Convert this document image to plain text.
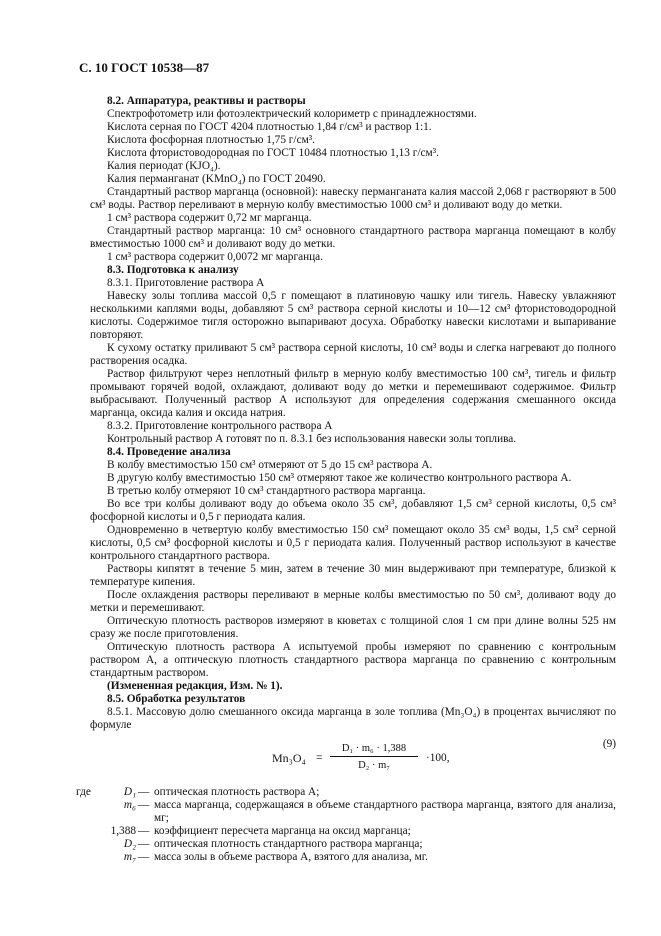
С. 10 ГОСТ 10538—87

8.2. Аппаратура, реактивы и растворы

Спектрофотометр или фотоэлектрический колориметр с принадлежностями.

Кислота серная по ГОСТ 4204 плотностью 1,84 г/см³ и раствор 1:1.

Кислота фосфорная плотностью 1,75 г/см³.

Кислота фтористоводородная по ГОСТ 10484 плотностью 1,13 г/см³.

Калия периодат (KJO₄).

Калия перманганат (KMnO₄) по ГОСТ 20490.

Стандартный раствор марганца (основной): навеску перманганата калия массой 2,068 г растворяют в 500 см³ воды. Раствор переливают в мерную колбу вместимостью 1000 см³ и доливают воду до метки.

1 см³ раствора содержит 0,72 мг марганца.

Стандартный раствор марганца: 10 см³ основного стандартного раствора марганца помещают в колбу вместимостью 1000 см³ и доливают воду до метки.

1 см³ раствора содержит 0,0072 мг марганца.

8.3. Подготовка к анализу

8.3.1. Приготовление раствора А

Навеску золы топлива массой 0,5 г помещают в платиновую чашку или тигель. Навеску увлажняют несколькими каплями воды, добавляют 5 см³ раствора серной кислоты и 10—12 см³ фтористоводородной кислоты. Содержимое тигля осторожно выпаривают досуха. Обработку навески кислотами и выпаривание повторяют.

К сухому остатку приливают 5 см³ раствора серной кислоты, 10 см³ воды и слегка нагревают до полного растворения осадка.

Раствор фильтруют через неплотный фильтр в мерную колбу вместимостью 100 см³, тигель и фильтр промывают горячей водой, охлаждают, доливают воду до метки и перемешивают содержимое. Фильтр выбрасывают. Полученный раствор А используют для определения содержания смешанного оксида марганца, оксида калия и оксида натрия.

8.3.2. Приготовление контрольного раствора А

Контрольный раствор А готовят по п. 8.3.1 без использования навески золы топлива.

8.4. Проведение анализа

В колбу вместимостью 150 см³ отмеряют от 5 до 15 см³ раствора А.

В другую колбу вместимостью 150 см³ отмеряют такое же количество контрольного раствора А.

В третью колбу отмеряют 10 см³ стандартного раствора марганца.

Во все три колбы доливают воду до объема около 35 см³, добавляют 1,5 см³ серной кислоты, 0,5 см³ фосфорной кислоты и 0,5 г периодата калия.

Одновременно в четвертую колбу вместимостью 150 см³ помещают около 35 см³ воды, 1,5 см³ серной кислоты, 0,5 см³ фосфорной кислоты и 0,5 г периодата калия. Полученный раствор используют в качестве контрольного стандартного раствора.

Растворы кипятят в течение 5 мин, затем в течение 30 мин выдерживают при температуре, близкой к температуре кипения.

После охлаждения растворы переливают в мерные колбы вместимостью по 50 см³, доливают воду до метки и перемешивают.

Оптическую плотность растворов измеряют в кюветах с толщиной слоя 1 см при длине волны 525 нм сразу же после приготовления.

Оптическую плотность раствора А испытуемой пробы измеряют по сравнению с контрольным раствором А, а оптическую плотность стандартного раствора марганца по сравнению с контрольным стандартным раствором.

(Измененная редакция, Изм. № 1).

8.5. Обработка результатов

8.5.1. Массовую долю смешанного оксида марганца в золе топлива (Mn₃O₄) в процентах вычисляют по формуле

Mn₃O₄ =
D₁ · m₆ · 1,388
D₂ · m₇
·100,
(9)
где	D₁ — оптическая плотность раствора А;
m₆ — масса марганца, содержащаяся в объеме стандартного раствора марганца, взятого для анализа, мг;
1,388 — коэффициент пересчета марганца на оксид марганца;
D₂ — оптическая плотность стандартного раствора марганца;
m₇ — масса золы в объеме раствора А, взятого для анализа, мг.
